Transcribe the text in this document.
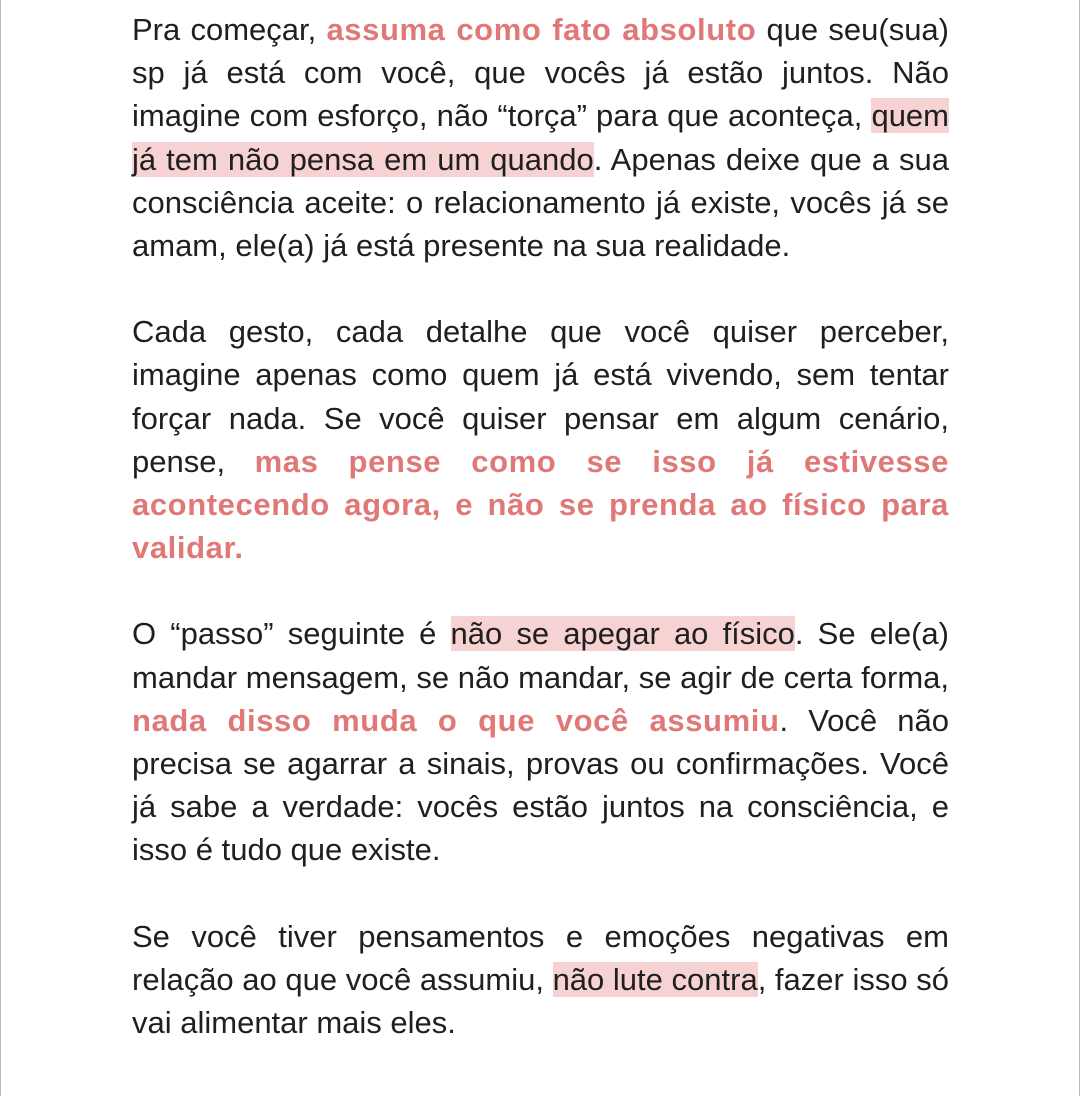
Pra começar, assuma como fato absoluto que seu(sua) sp já está com você, que vocês já estão juntos. Não imagine com esforço, não “torça” para que aconteça, quem já tem não pensa em um quando. Apenas deixe que a sua consciência aceite: o relacionamento já existe, vocês já se amam, ele(a) já está presente na sua realidade.

Cada gesto, cada detalhe que você quiser perceber, imagine apenas como quem já está vivendo, sem tentar forçar nada. Se você quiser pensar em algum cenário, pense, mas pense como se isso já estivesse acontecendo agora, e não se prenda ao físico para validar.

O “passo” seguinte é não se apegar ao físico. Se ele(a) mandar mensagem, se não mandar, se agir de certa forma, nada disso muda o que você assumiu. Você não precisa se agarrar a sinais, provas ou confirmações. Você já sabe a verdade: vocês estão juntos na consciência, e isso é tudo que existe.

Se você tiver pensamentos e emoções negativas em relação ao que você assumiu, não lute contra, fazer isso só vai alimentar mais eles.
